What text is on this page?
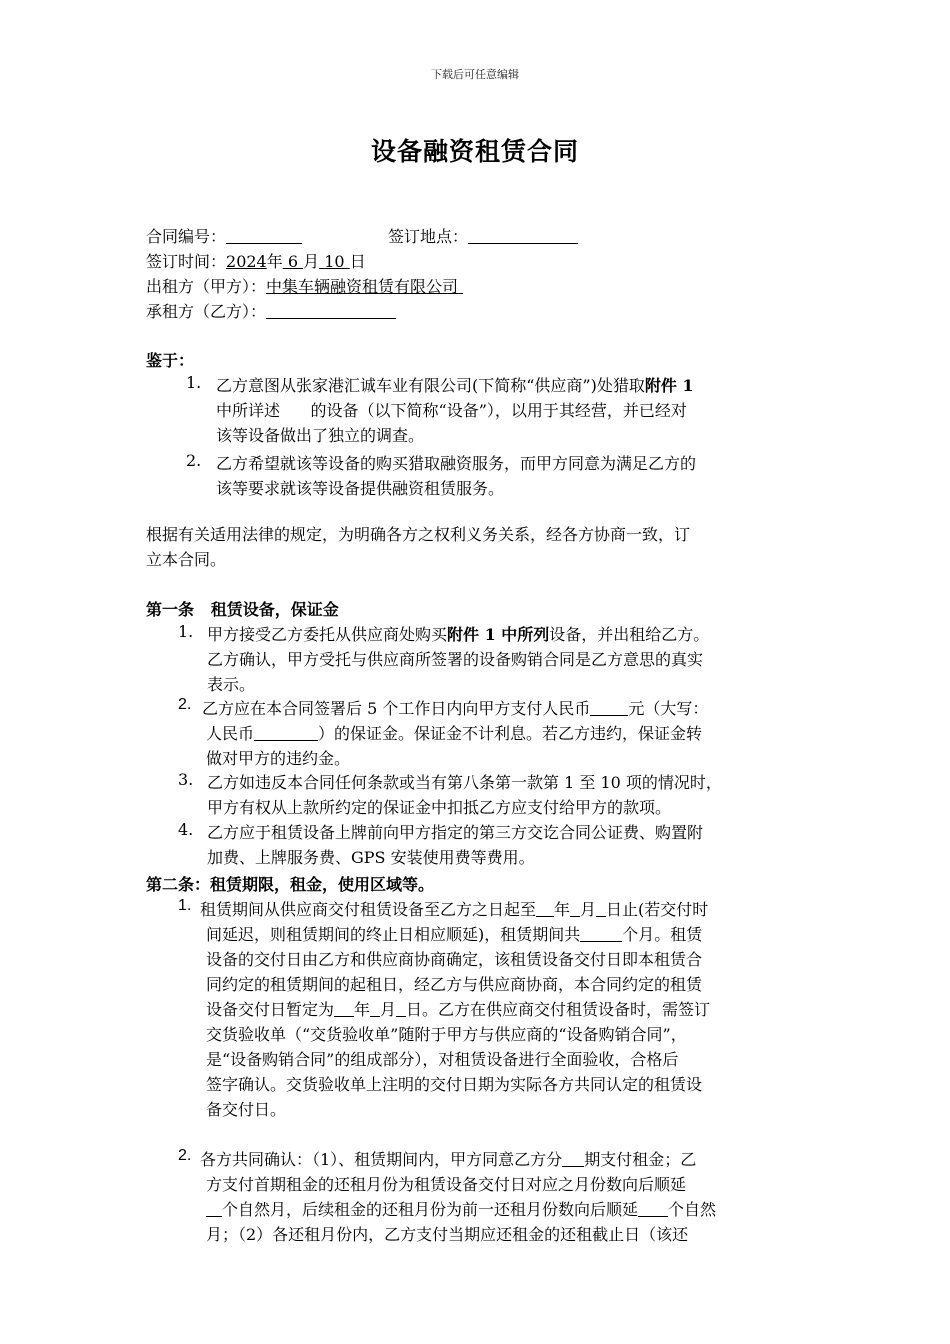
下载后可任意编辑
设备融资租赁合同
合同编号：	签订地点：
签订时间：2024年 6 月 10 日
出租方（甲方）：中集车辆融资租赁有限公司
承租方（乙方）：
鉴于：
1. 乙方意图从张家港汇诚车业有限公司(下简称“供应商”)处猎取附件 1
中所详述      的设备（以下简称“设备”），以用于其经营，并已经对
该等设备做出了独立的调查。
2. 乙方希望就该等设备的购买猎取融资服务，而甲方同意为满足乙方的
该等要求就该等设备提供融资租赁服务。
根据有关适用法律的规定，为明确各方之权利义务关系，经各方协商一致，订
立本合同。
第一条   租赁设备，保证金
1. 甲方接受乙方委托从供应商处购买附件 1 中所列设备，并出租给乙方。
乙方确认，甲方受托与供应商所签署的设备购销合同是乙方意思的真实
表示。
2. 乙方应在本合同签署后 5 个工作日内向甲方支付人民币 元（大写：
人民币	）的保证金。保证金不计利息。若乙方违约，保证金转
做对甲方的违约金。
3. 乙方如违反本合同任何条款或当有第八条第一款第 1 至 10 项的情况时，
甲方有权从上款所约定的保证金中扣抵乙方应支付给甲方的款项。
4. 乙方应于租赁设备上牌前向甲方指定的第三方交讫合同公证费、购置附
加费、上牌服务费、GPS 安装使用费等费用。
第二条：租赁期限，租金，使用区域等。
1. 租赁期间从供应商交付租赁设备至乙方之日起至 年 月 日止(若交付时
间延迟，则租赁期间的终止日相应顺延)，租赁期间共	个月。租赁
设备的交付日由乙方和供应商协商确定，该租赁设备交付日即本租赁合
同约定的租赁期间的起租日，经乙方与供应商协商，本合同约定的租赁
设备交付日暂定为 年 月 日。乙方在供应商交付租赁设备时，需签订
交货验收单（“交货验收单”随附于甲方与供应商的“设备购销合同”，
是“设备购销合同”的组成部分），对租赁设备进行全面验收，合格后
签字确认。交货验收单上注明的交付日期为实际各方共同认定的租赁设
备交付日。
2. 各方共同确认：（1）、租赁期间内，甲方同意乙方分 期支付租金；乙
方支付首期租金的还租月份为租赁设备交付日对应之月份数向后顺延
个自然月，后续租金的还租月份为前一还租月份数向后顺延 个自然
月；（2）各还租月份内，乙方支付当期应还租金的还租截止日（该还
